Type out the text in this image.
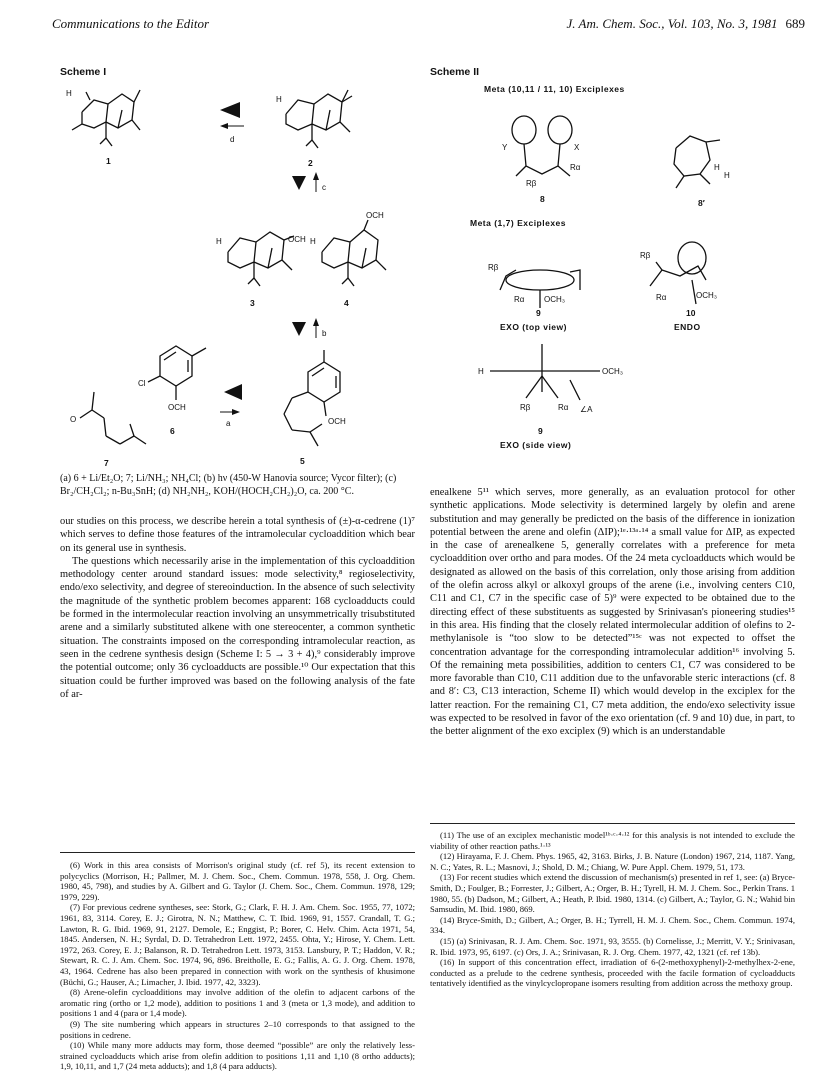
Communications to the Editor	J. Am. Chem. Soc., Vol. 103, No. 3, 1981 689
Scheme I
H
H
H	H
OCH
OCH
OCH
OCH
Cl
O
1	2
3	4
5
6
7
d
c
b
a
(a) 6 + Li/Et₂O; 7; Li/NH₃; NH₄Cl; (b) hν (450-W Hanovia source; Vycor filter); (c) Br₂/CH₂Cl₂; n-Bu₃SnH; (d) NH₂NH₂, KOH/(HOCH₂CH₂)₂O, ca. 200 °C.
Scheme II
Meta (10,11 / 11, 10) Exciplexes
Y	X
Rα
Rβ
H
H
8	8′
Meta (1,7) Exciplexes
Rβ
Rα OCH₃
Rβ
Rα	OCH₃
9
EXO (top view)
10
ENDO
H	OCH₃
Rβ	Rα ∠A
9
EXO (side view)

our studies on this process, we describe herein a total synthesis of (±)-α-cedrene (1)⁷ which serves to define those features of the intramolecular cycloaddition which bear on its general use in synthesis.

The questions which necessarily arise in the implementation of this cycloaddition methodology center around standard issues: mode selectivity,⁸ regioselectivity, endo/exo selectivity, and degree of stereoinduction. In the absence of such selectivity the magnitude of the synthetic problem becomes apparent: 168 cycloadducts could be formed in the intermolecular reaction involving an unsymmetrically trisubstituted arene and a similarly substituted alkene with one stereocenter, a common synthetic situation. The constraints imposed on the corresponding intramolecular reaction, as seen in the cedrene synthesis design (Scheme I: 5 → 3 + 4),⁹ considerably improve the potential outcome; only 36 cycloadducts are possible.¹⁰ Our expectation that this situation could be further improved was based on the following analysis of the fate of ar-

enealkene 5¹¹ which serves, more generally, as an evaluation protocol for other synthetic applications. Mode selectivity is determined largely by olefin and arene substitution and may generally be predicted on the basis of the difference in ionization potential between the arene and olefin (ΔIP);¹ᵉ·¹³ᵃ·¹⁴ a small value for ΔIP, as expected in the case of arenealkene 5, generally correlates with a preference for meta cycloaddition over ortho and para modes. Of the 24 meta cycloadducts which would be designated as allowed on the basis of this correlation, only those arising from addition of the olefin across alkyl or alkoxyl groups of the arene (i.e., involving centers C10, C11 and C1, C7 in the specific case of 5)⁹ were expected to be obtained due to the directing effect of these substituents as suggested by Srinivasan's pioneering studies¹⁵ in this area. His finding that the closely related intermolecular addition of olefins to 2-methylanisole is “too slow to be detected”¹⁵ᶜ was not expected to offset the concentration advantage for the corresponding intramolecular addition¹⁶ involving 5. Of the remaining meta possibilities, addition to centers C1, C7 was considered to be more favorable than C10, C11 addition due to the unfavorable steric interactions (cf. 8 and 8′: C3, C13 interaction, Scheme II) which would develop in the exciplex for the latter reaction. For the remaining C1, C7 meta addition, the endo/exo selectivity issue was expected to be resolved in favor of the exo orientation (cf. 9 and 10) due, in part, to the better alignment of the exo exciplex (9) which is an understandable

(6) Work in this area consists of Morrison's original study (cf. ref 5), its recent extension to polycyclics (Morrison, H.; Pallmer, M. J. Chem. Soc., Chem. Commun. 1978, 558, J. Org. Chem. 1980, 45, 798), and studies by A. Gilbert and G. Taylor (J. Chem. Soc., Chem. Commun. 1978, 129; 1979, 229).

(7) For previous cedrene syntheses, see: Stork, G.; Clark, F. H. J. Am. Chem. Soc. 1955, 77, 1072; 1961, 83, 3114. Corey, E. J.; Girotra, N. N.; Matthew, C. T. Ibid. 1969, 91, 1557. Crandall, T. G.; Lawton, R. G. Ibid. 1969, 91, 2127. Demole, E.; Enggist, P.; Borer, C. Helv. Chim. Acta 1971, 54, 1845. Andersen, N. H.; Syrdal, D. D. Tetrahedron Lett. 1972, 2455. Ohta, Y.; Hirose, Y. Chem. Lett. 1972, 263. Corey, E. J.; Balanson, R. D. Tetrahedron Lett. 1973, 3153. Lansbury, P. T.; Haddon, V. R.; Stewart, R. C. J. Am. Chem. Soc. 1974, 96, 896. Breitholle, E. G.; Fallis, A. G. J. Org. Chem. 1978, 43, 1964. Cedrene has also been prepared in connection with work on the synthesis of khusimone (Büchi, G.; Hauser, A.; Limacher, J. Ibid. 1977, 42, 3323).

(8) Arene-olefin cycloadditions may involve addition of the olefin to adjacent carbons of the aromatic ring (ortho or 1,2 mode), addition to positions 1 and 3 (meta or 1,3 mode), and addition to positions 1 and 4 (para or 1,4 mode).

(9) The site numbering which appears in structures 2–10 corresponds to that assigned to the positions in cedrene.

(10) While many more adducts may form, those deemed “possible” are only the relatively less-strained cycloadducts which arise from olefin addition to positions 1,11 and 1,10 (8 ortho adducts); 1,9, 10,11, and 1,7 (24 meta adducts); and 1,8 (4 para adducts).

(11) The use of an exciplex mechanistic model¹ᵇ·ᶜ·⁴·¹² for this analysis is not intended to exclude the viability of other reaction paths.¹·¹³

(12) Hirayama, F. J. Chem. Phys. 1965, 42, 3163. Birks, J. B. Nature (London) 1967, 214, 1187. Yang, N. C.; Yates, R. L.; Masnovi, J.; Shold, D. M.; Chiang, W. Pure Appl. Chem. 1979, 51, 173.

(13) For recent studies which extend the discussion of mechanism(s) presented in ref 1, see: (a) Bryce-Smith, D.; Foulger, B.; Forrester, J.; Gilbert, A.; Orger, B. H.; Tyrell, H. M. J. Chem. Soc., Perkin Trans. 1 1980, 55. (b) Dadson, M.; Gilbert, A.; Heath, P. Ibid. 1980, 1314. (c) Gilbert, A.; Taylor, G. N.; Wahid bin Samsudin, M. Ibid. 1980, 869.

(14) Bryce-Smith, D.; Gilbert, A.; Orger, B. H.; Tyrrell, H. M. J. Chem. Soc., Chem. Commun. 1974, 334.

(15) (a) Srinivasan, R. J. Am. Chem. Soc. 1971, 93, 3555. (b) Cornelisse, J.; Merritt, V. Y.; Srinivasan, R. Ibid. 1973, 95, 6197. (c) Ors, J. A.; Srinivasan, R. J. Org. Chem. 1977, 42, 1321 (cf. ref 13b).

(16) In support of this concentration effect, irradiation of 6-(2-methoxyphenyl)-2-methylhex-2-ene, conducted as a prelude to the cedrene synthesis, proceeded with the facile formation of cycloadducts tentatively identified as the vinylcyclopropane isomers resulting from addition across the methoxy group.
